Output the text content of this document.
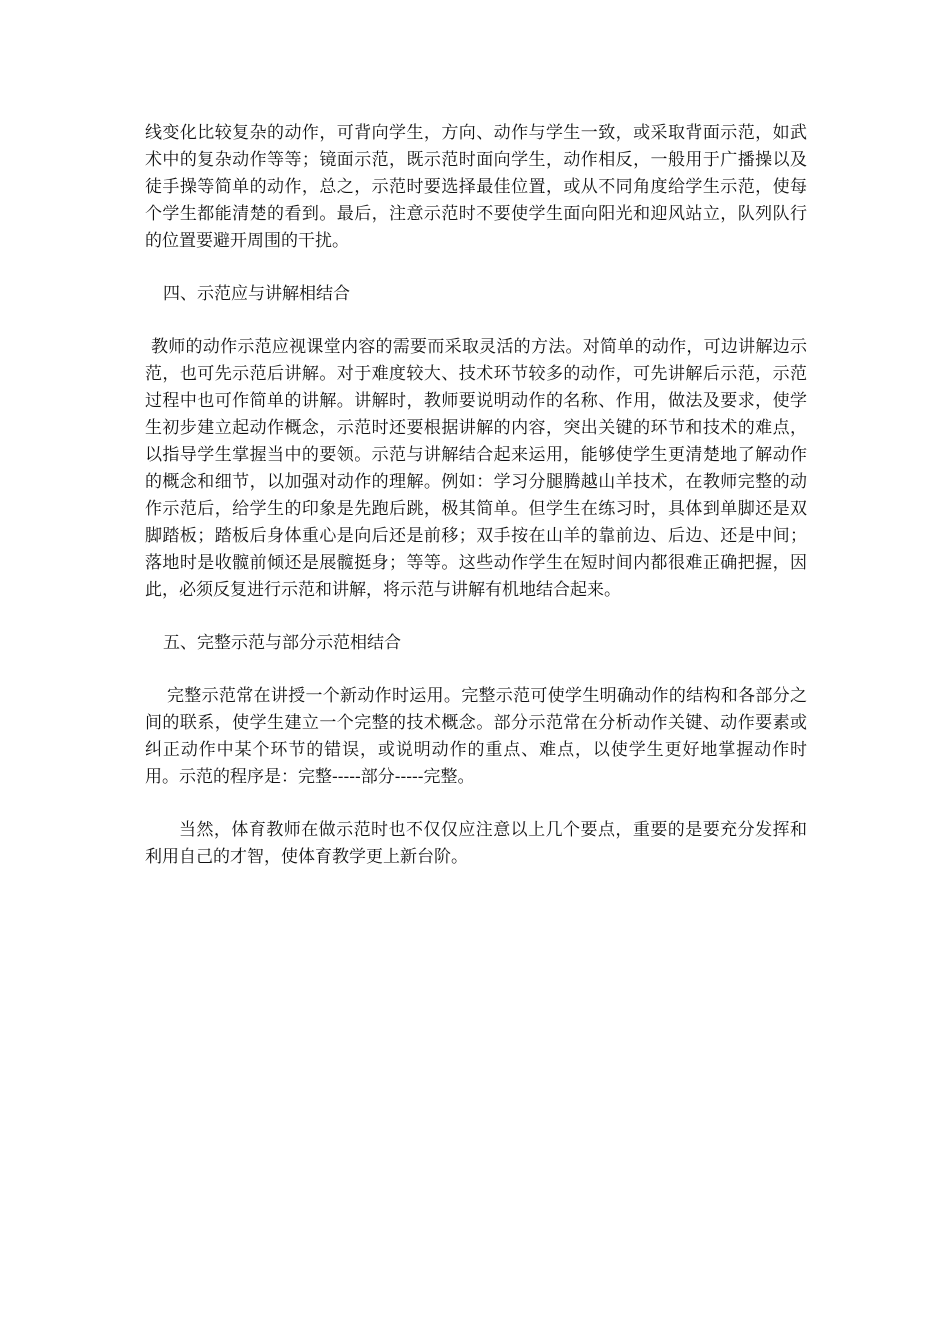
线变化比较复杂的动作，可背向学生，方向、动作与学生一致，或采取背面示范，如武术中的复杂动作等等；镜面示范，既示范时面向学生，动作相反，一般用于广播操以及徒手操等简单的动作，总之，示范时要选择最佳位置，或从不同角度给学生示范，使每个学生都能清楚的看到。最后，注意示范时不要使学生面向阳光和迎风站立，队列队行的位置要避开周围的干扰。

四、示范应与讲解相结合

教师的动作示范应视课堂内容的需要而采取灵活的方法。对简单的动作，可边讲解边示范，也可先示范后讲解。对于难度较大、技术环节较多的动作，可先讲解后示范，示范过程中也可作简单的讲解。讲解时，教师要说明动作的名称、作用，做法及要求，使学生初步建立起动作概念，示范时还要根据讲解的内容，突出关键的环节和技术的难点，以指导学生掌握当中的要领。示范与讲解结合起来运用，能够使学生更清楚地了解动作的概念和细节，以加强对动作的理解。例如：学习分腿腾越山羊技术，在教师完整的动作示范后，给学生的印象是先跑后跳，极其简单。但学生在练习时，具体到单脚还是双脚踏板；踏板后身体重心是向后还是前移；双手按在山羊的靠前边、后边、还是中间；落地时是收髋前倾还是展髋挺身；等等。这些动作学生在短时间内都很难正确把握，因此，必须反复进行示范和讲解，将示范与讲解有机地结合起来。

五、完整示范与部分示范相结合

完整示范常在讲授一个新动作时运用。完整示范可使学生明确动作的结构和各部分之间的联系，使学生建立一个完整的技术概念。部分示范常在分析动作关键、动作要素或纠正动作中某个环节的错误，或说明动作的重点、难点，以使学生更好地掌握动作时用。示范的程序是：完整-----部分-----完整。

当然，体育教师在做示范时也不仅仅应注意以上几个要点，重要的是要充分发挥和利用自己的才智，使体育教学更上新台阶。
